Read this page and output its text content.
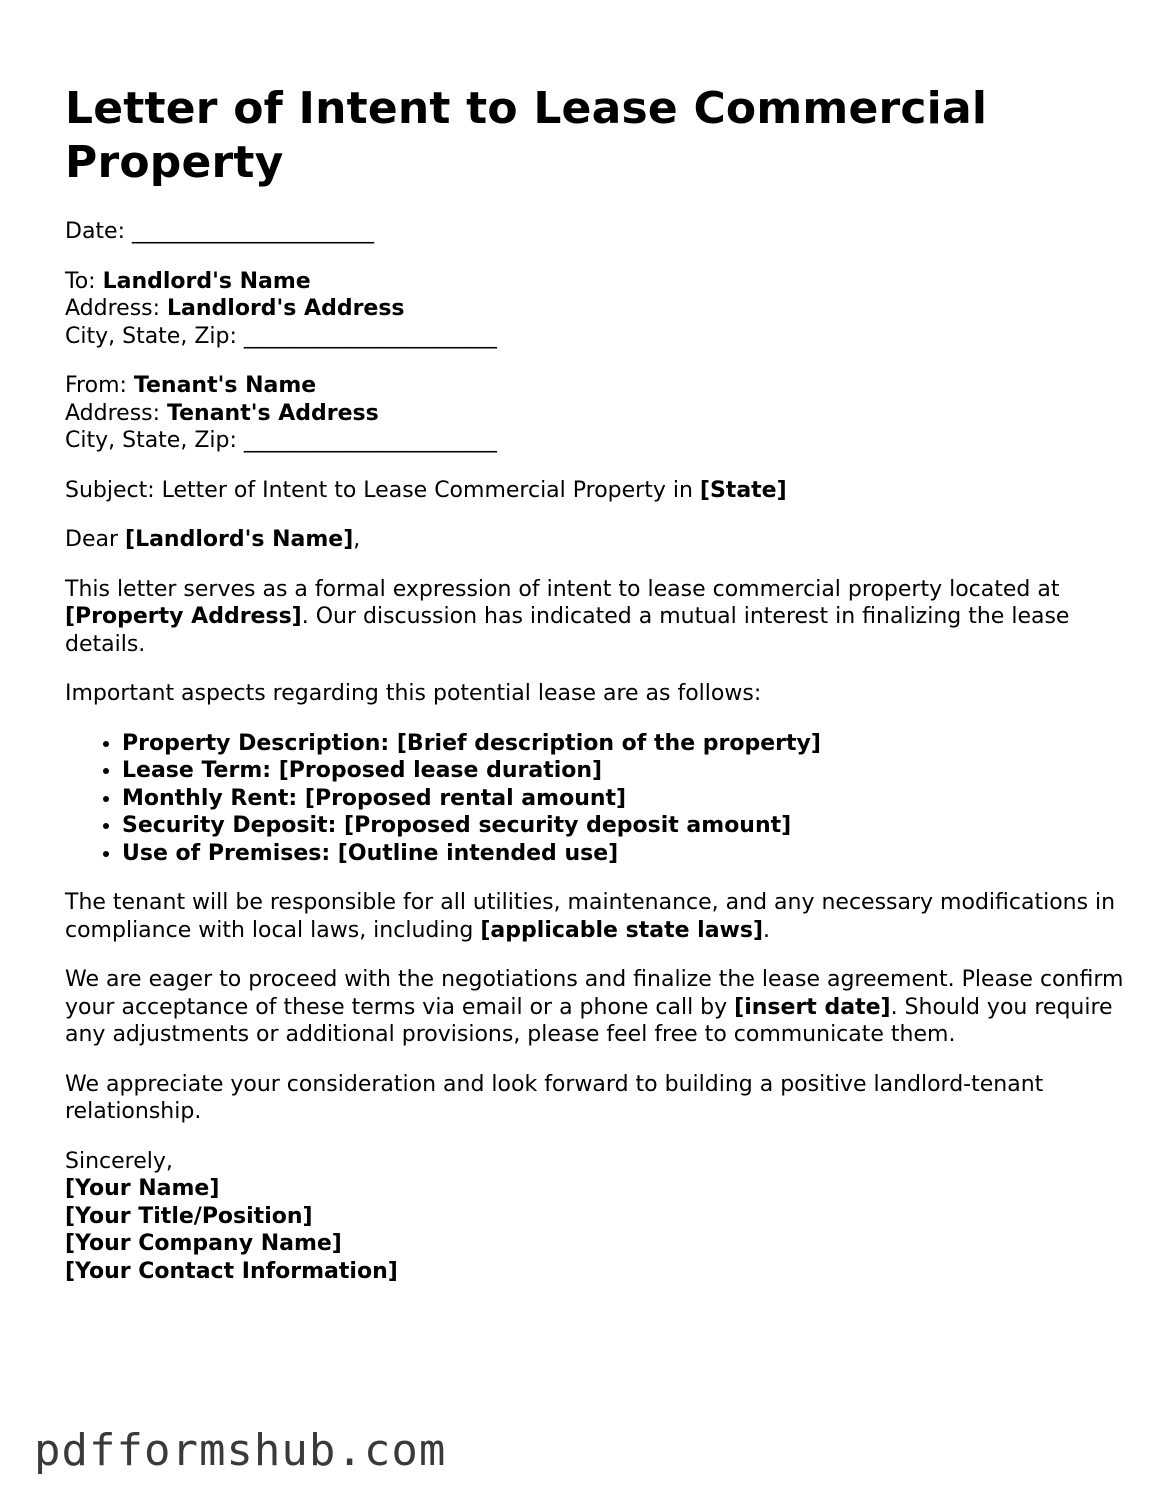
Letter of Intent to Lease Commercial Property

Date: ______________________

To: Landlord's Name
Address: Landlord's Address
City, State, Zip: _______________________

From: Tenant's Name
Address: Tenant's Address
City, State, Zip: _______________________

Subject: Letter of Intent to Lease Commercial Property in [State]

Dear [Landlord's Name],

This letter serves as a formal expression of intent to lease commercial property located at [Property Address]. Our discussion has indicated a mutual interest in finalizing the lease details.

Important aspects regarding this potential lease are as follows:

• Property Description: [Brief description of the property]
• Lease Term: [Proposed lease duration]
• Monthly Rent: [Proposed rental amount]
• Security Deposit: [Proposed security deposit amount]
• Use of Premises: [Outline intended use]

The tenant will be responsible for all utilities, maintenance, and any necessary modifications in compliance with local laws, including [applicable state laws].

We are eager to proceed with the negotiations and finalize the lease agreement. Please confirm your acceptance of these terms via email or a phone call by [insert date]. Should you require any adjustments or additional provisions, please feel free to communicate them.

We appreciate your consideration and look forward to building a positive landlord-tenant relationship.

Sincerely,
[Your Name]
[Your Title/Position]
[Your Company Name]
[Your Contact Information]

pdfformshub.com
